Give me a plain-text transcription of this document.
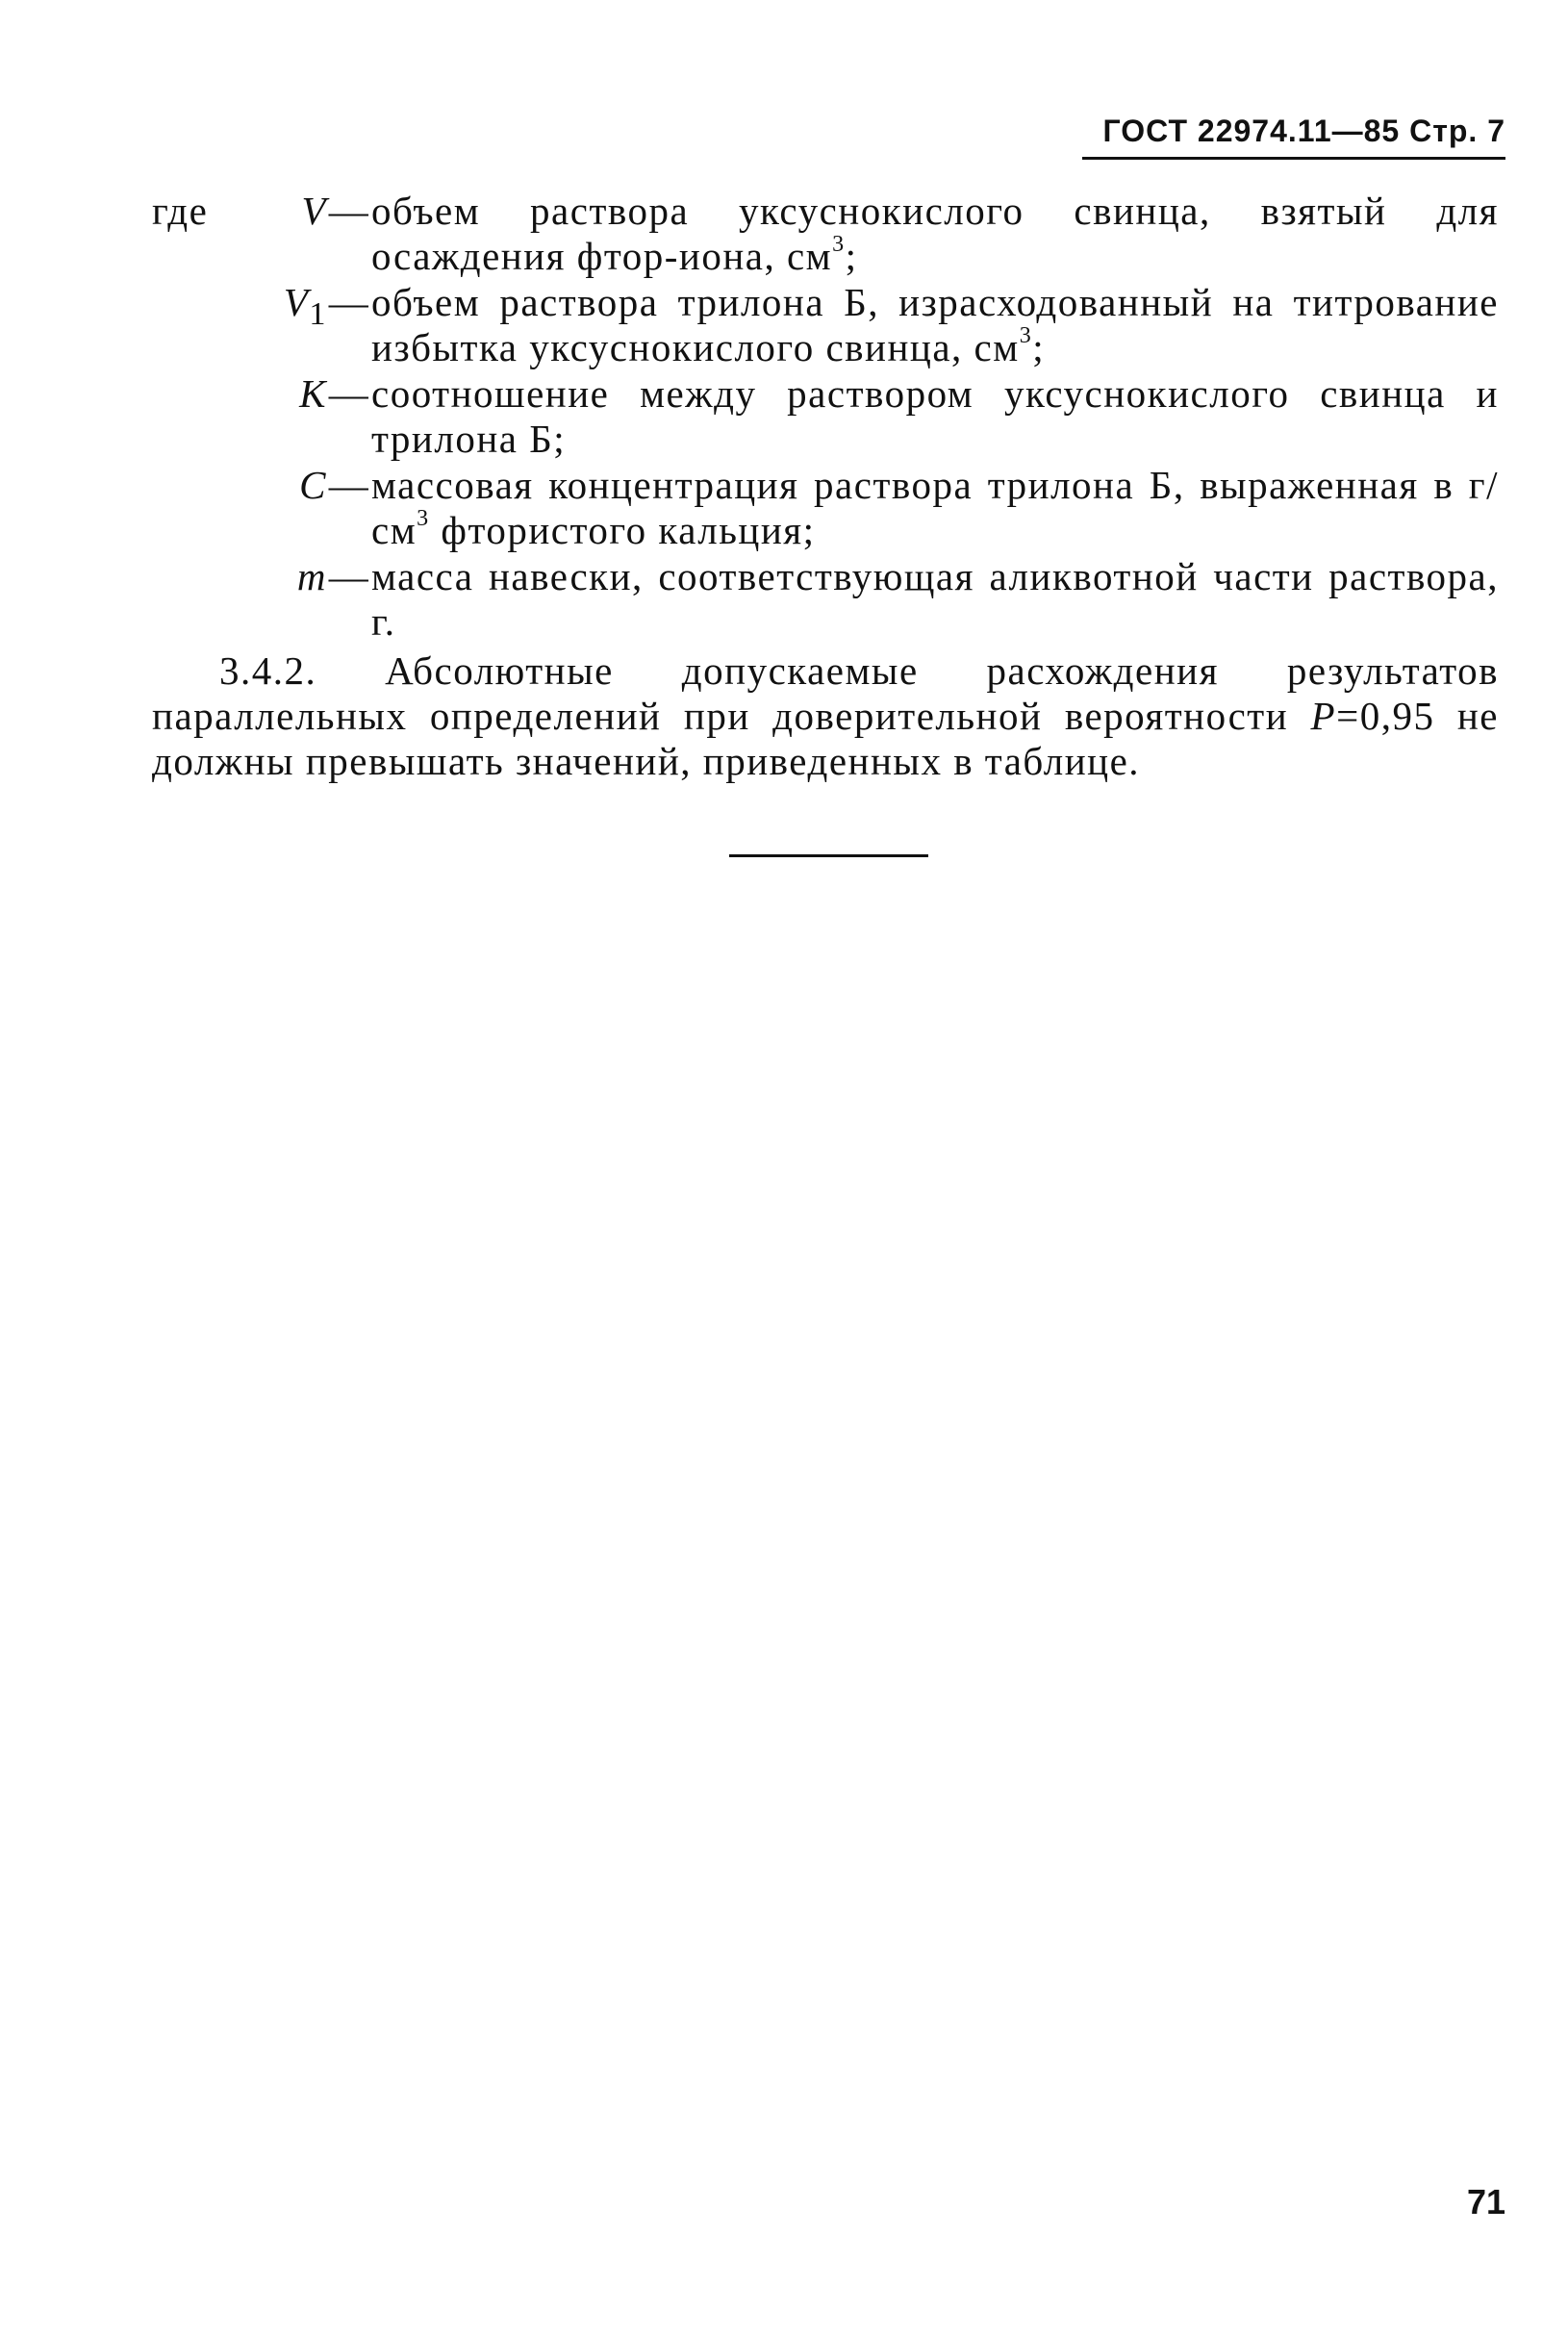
ГОСТ 22974.11—85 Стр. 7
где	V — объем раствора уксуснокислого свинца, взятый для осаждения фтор-иона, $см^3$;
$V_1$ — объем раствора трилона Б, израсходованный на титрование избытка уксуснокислого свинца, $см^3$;
K — соотношение между раствором уксуснокислого свинца и трилона Б;
C — массовая концентрация раствора трилона Б, выраженная в $г/см^3$ фтористого кальция;
m — масса навески, соответствующая аликвотной части раствора, г.

3.4.2. Абсолютные допускаемые расхождения результатов параллельных определений при доверительной вероятности P=0,95 не должны превышать значений, приведенных в таблице.

71
